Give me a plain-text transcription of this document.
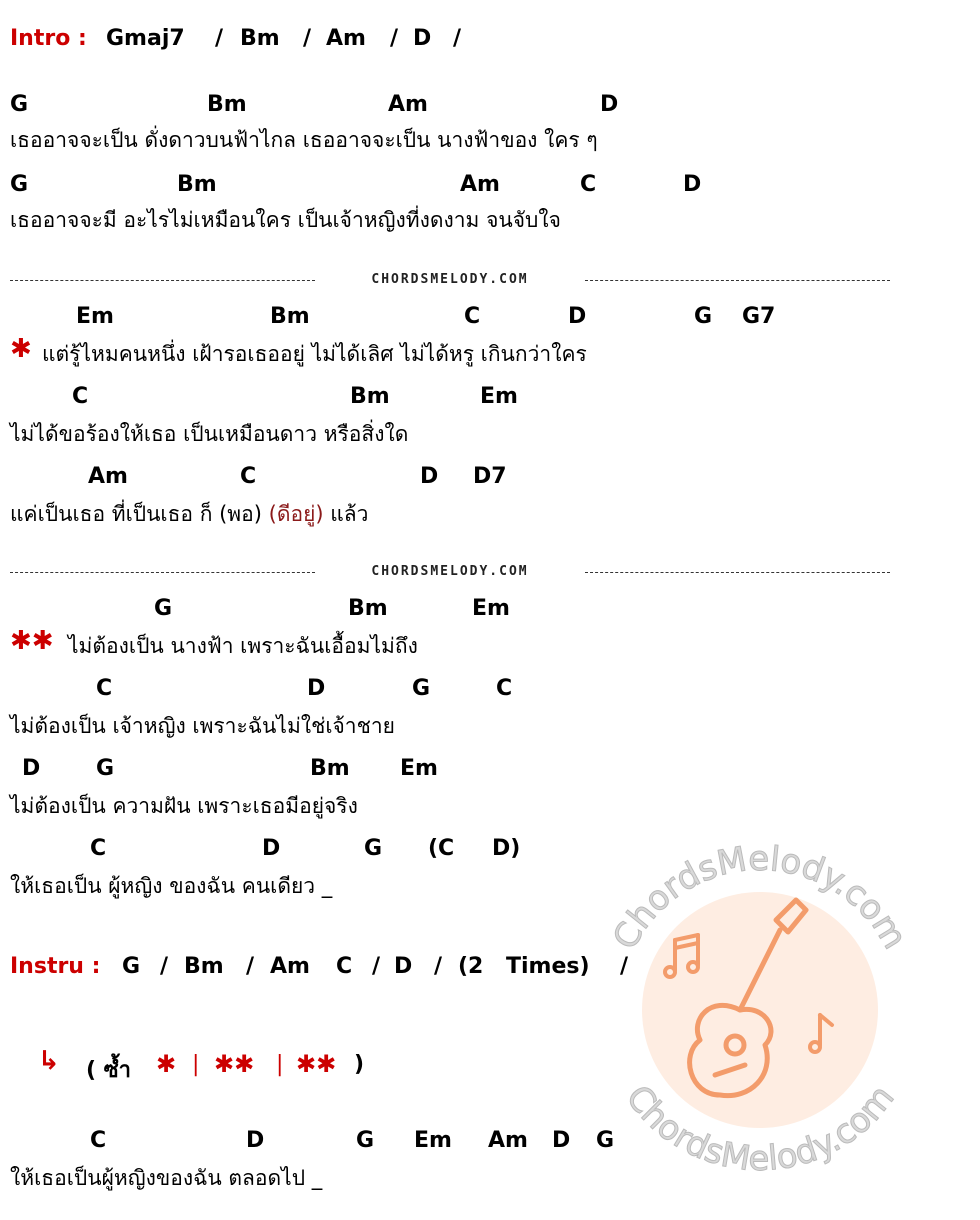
Intro : Gmaj7 / Bm / Am / D /
G	Bm	Am	D
เธออาจจะเป็น ดั่งดาวบนฟ้าไกล เธออาจจะเป็น นางฟ้าของ ใคร ๆ
G	Bm	Am	C	D
เธออาจจะมี อะไรไม่เหมือนใคร เป็นเจ้าหญิงที่งดงาม จนจับใจ
CHORDSMELODY.COM
Em	Bm	C	D	G G7
✱ แต่รู้ไหมคนหนึ่ง เฝ้ารอเธออยู่ ไม่ได้เลิศ ไม่ได้หรู เกินกว่าใคร
C	Bm	Em
ไม่ได้ขอร้องให้เธอ เป็นเหมือนดาว หรือสิ่งใด
Am	C	D D7
แค่เป็นเธอ ที่เป็นเธอ ก็ (พอ) (ดีอยู่) แล้ว
CHORDSMELODY.COM
G	Bm	Em
✱✱ ไม่ต้องเป็น นางฟ้า เพราะฉันเอื้อมไม่ถึง
C	D	G	C
ไม่ต้องเป็น เจ้าหญิง เพราะฉันไม่ใช่เจ้าชาย
D	G	Bm Em
ไม่ต้องเป็น ความฝัน เพราะเธอมีอยู่จริง
C	D	G (C D)
ให้เธอเป็น ผู้หญิง ของฉัน คนเดียว _
Instru : G / Bm / Am C / D / (2 Times) /
↳ ( ซ้ำ ✱ | ✱✱ | ✱✱ )
C	D	G Em Am D G
ให้เธอเป็นผู้หญิงของฉัน ตลอดไป _
ChordsMelody.com
ChordsMelody.com
